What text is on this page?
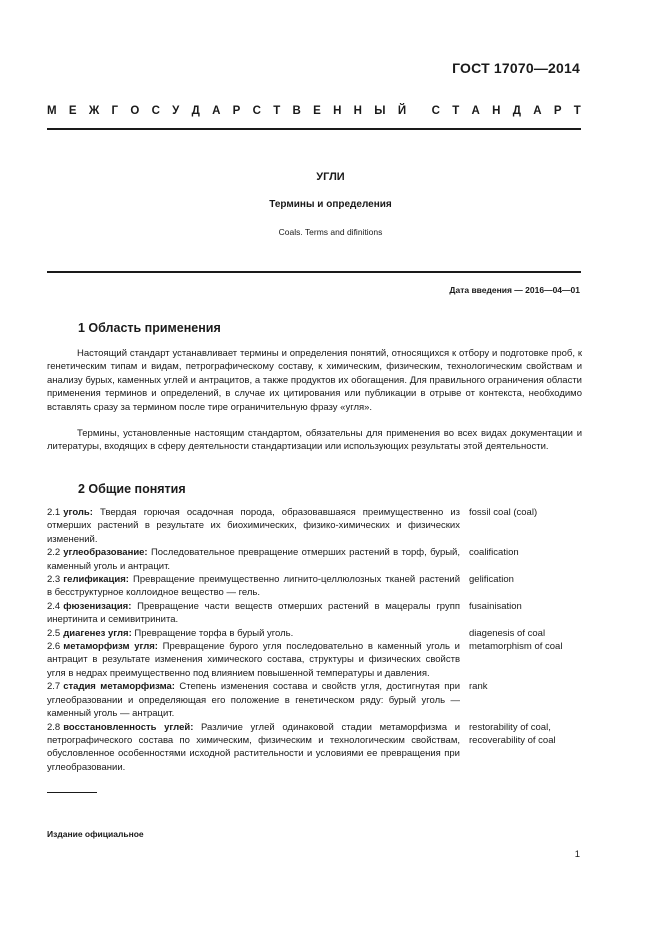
ГОСТ 17070—2014
М Е Ж Г О С У Д А Р С Т В Е Н Н Ы Й С Т А Н Д А Р Т
УГЛИ
Термины и определения
Coals. Terms and difinitions
Дата введения — 2016—04—01
1 Область применения

Настоящий стандарт устанавливает термины и определения понятий, относящихся к отбору и подготовке проб, к генетическим типам и видам, петрографическому составу, к химическим, физическим, технологическим свойствам и анализу бурых, каменных углей и антрацитов, а также продуктов их обогащения. Для правильного ограничения области применения терминов и определений, в случае их цитирования или публикации в отрыве от контекста, необходимо вставлять сразу за термином после тире ограничительную фразу «угля».

Термины, установленные настоящим стандартом, обязательны для применения во всех видах документации и литературы, входящих в сферу деятельности стандартизации или использующих результаты этой деятельности.

2 Общие понятия
2.1 уголь: Твердая горючая осадочная порода, образовавшаяся преимущественно из отмерших растений в результате их биохимических, физико-химических и физических изменений.
fossil coal (coal)
2.2 углеобразование: Последовательное превращение отмерших растений в торф, бурый, каменный уголь и антрацит.
coalification
2.3 гелификация: Превращение преимущественно лигнито-целлюлозных тканей растений в бесструктурное коллоидное вещество — гель.
gelification
2.4 фюзенизация: Превращение части веществ отмерших растений в мацералы групп инертинита и семивитринита.
fusainisation
2.5 диагенез угля: Превращение торфа в бурый уголь.	diagenesis of coal
2.6 метаморфизм угля: Превращение бурого угля последовательно в каменный уголь и антрацит в результате изменения химического состава, структуры и физических свойств угля в недрах преимущественно под влиянием повышенной температуры и давления.
metamorphism of coal
2.7 стадия метаморфизма: Степень изменения состава и свойств угля, достигнутая при углеобразовании и определяющая его положение в генетическом ряду: бурый уголь — каменный уголь — антрацит.
rank
2.8 восстановленность углей: Различие углей одинаковой стадии метаморфизма и петрографического состава по химическим, физическим и технологическим свойствам, обусловленное особенностями исходной растительности и условиями ее превращения при углеобразовании.
restorability of coal, recoverability of coal
Издание официальное
1
